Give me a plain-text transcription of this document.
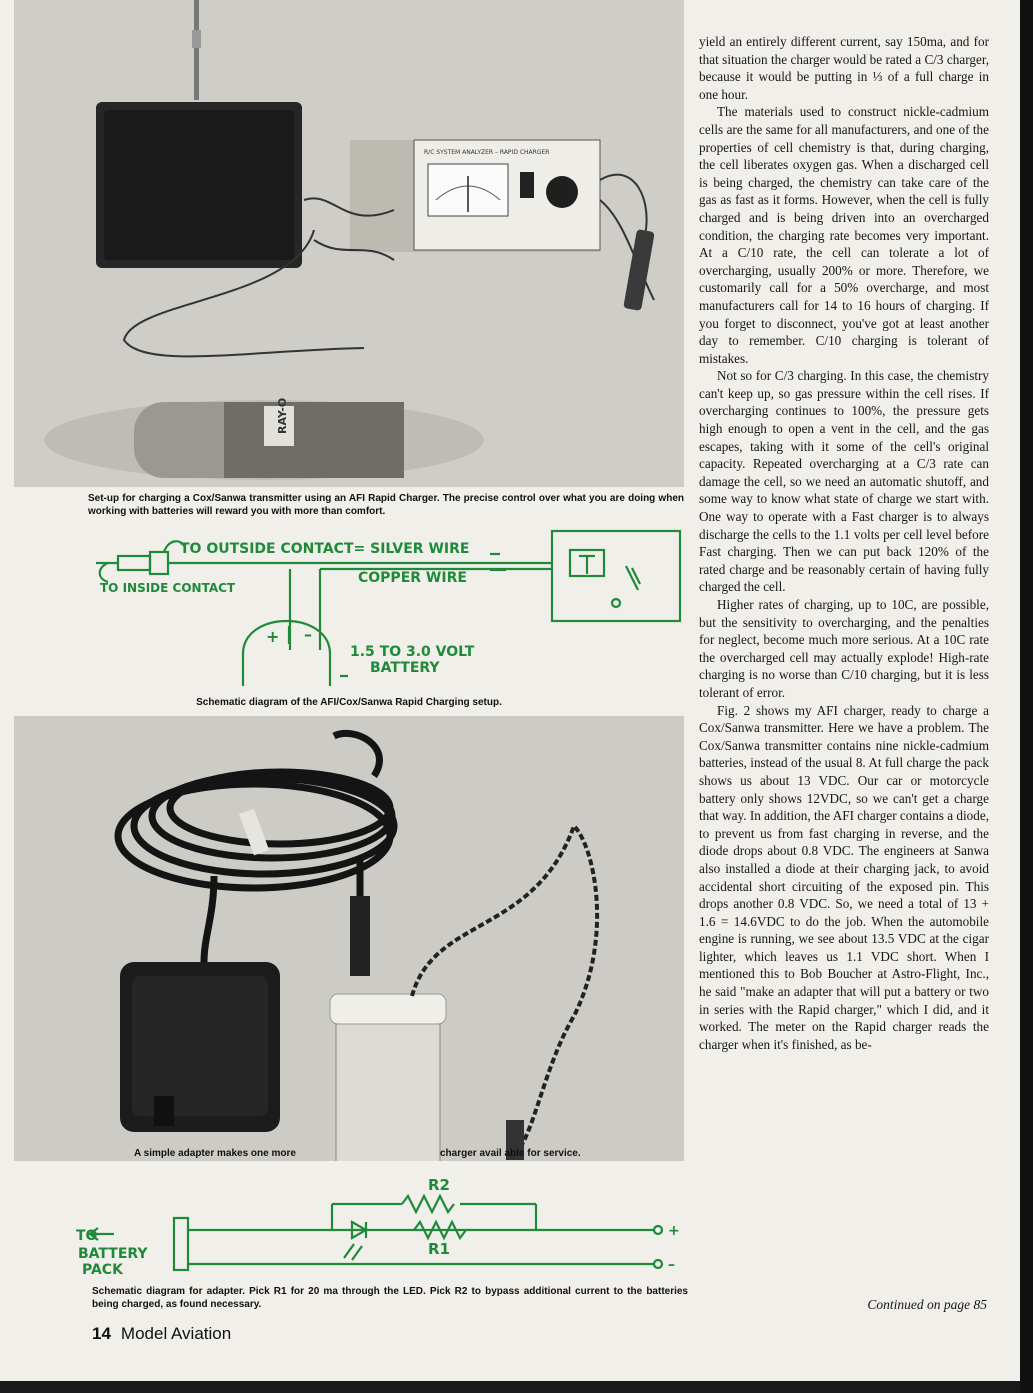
R/C SYSTEM ANALYZER – RAPID CHARGER
RAY-O
Set-up for charging a Cox/Sanwa transmitter using an AFI Rapid Charger. The precise control over what you are doing when working with batteries will reward you with more than comfort.
TO OUTSIDE CONTACT= SILVER WIRE
TO INSIDE CONTACT
COPPER WIRE
+ –
1.5 TO 3.0 VOLT
BATTERY
Schematic diagram of the AFI/Cox/Sanwa Rapid Charging setup.
A simple adapter makes one more	charger avail able for service.
TO
BATTERY
PACK
R2
R1
+
–
Schematic diagram for adapter. Pick R1 for 20 ma through the LED. Pick R2 to bypass additional current to the batteries being charged, as found necessary.

yield an entirely different current, say 150ma, and for that situation the charger would be rated a C/3 charger, because it would be putting in ⅓ of a full charge in one hour.

The materials used to construct nickle-cadmium cells are the same for all manufacturers, and one of the properties of cell chemistry is that, during charging, the cell liberates oxygen gas. When a discharged cell is being charged, the chemistry can take care of the gas as fast as it forms. However, when the cell is fully charged and is being driven into an overcharged condition, the charging rate becomes very important. At a C/10 rate, the cell can tolerate a lot of overcharging, usually 200% or more. Therefore, we customarily call for a 50% overcharge, and most manufacturers call for 14 to 16 hours of charging. If you forget to disconnect, you've got at least another day to remember. C/10 charging is tolerant of mistakes.

Not so for C/3 charging. In this case, the chemistry can't keep up, so gas pressure within the cell rises. If overcharging continues to 100%, the pressure gets high enough to open a vent in the cell, and the gas escapes, taking with it some of the cell's original capacity. Repeated overcharging at a C/3 rate can damage the cell, so we need an automatic shutoff, and some way to know what state of charge we start with. One way to operate with a Fast charger is to always discharge the cells to the 1.1 volts per cell level before Fast charging. Then we can put back 120% of the rated charge and be reasonably certain of having fully charged the cell.

Higher rates of charging, up to 10C, are possible, but the sensitivity to overcharging, and the penalties for neglect, become much more serious. At a 10C rate the overcharged cell may actually explode! High-rate charging is no worse than C/10 charging, but it is less tolerant of error.

Fig. 2 shows my AFI charger, ready to charge a Cox/Sanwa transmitter. Here we have a problem. The Cox/Sanwa transmitter contains nine nickle-cadmium batteries, instead of the usual 8. At full charge the pack shows us about 13 VDC. Our car or motorcycle battery only shows 12VDC, so we can't get a charge that way. In addition, the AFI charger contains a diode, to prevent us from fast charging in reverse, and the diode drops about 0.8 VDC. The engineers at Sanwa also installed a diode at their charging jack, to avoid accidental short circuiting of the exposed pin. This drops another 0.8 VDC. So, we need a total of 13 + 1.6 = 14.6VDC to do the job. When the automobile engine is running, we see about 13.5 VDC at the cigar lighter, which leaves us 1.1 VDC short. When I mentioned this to Bob Boucher at Astro-Flight, Inc., he said "make an adapter that will put a battery or two in series with the Rapid charger," which I did, and it worked. The meter on the Rapid charger reads the charger when it's finished, as be-

Continued on page 85
14 Model Aviation
